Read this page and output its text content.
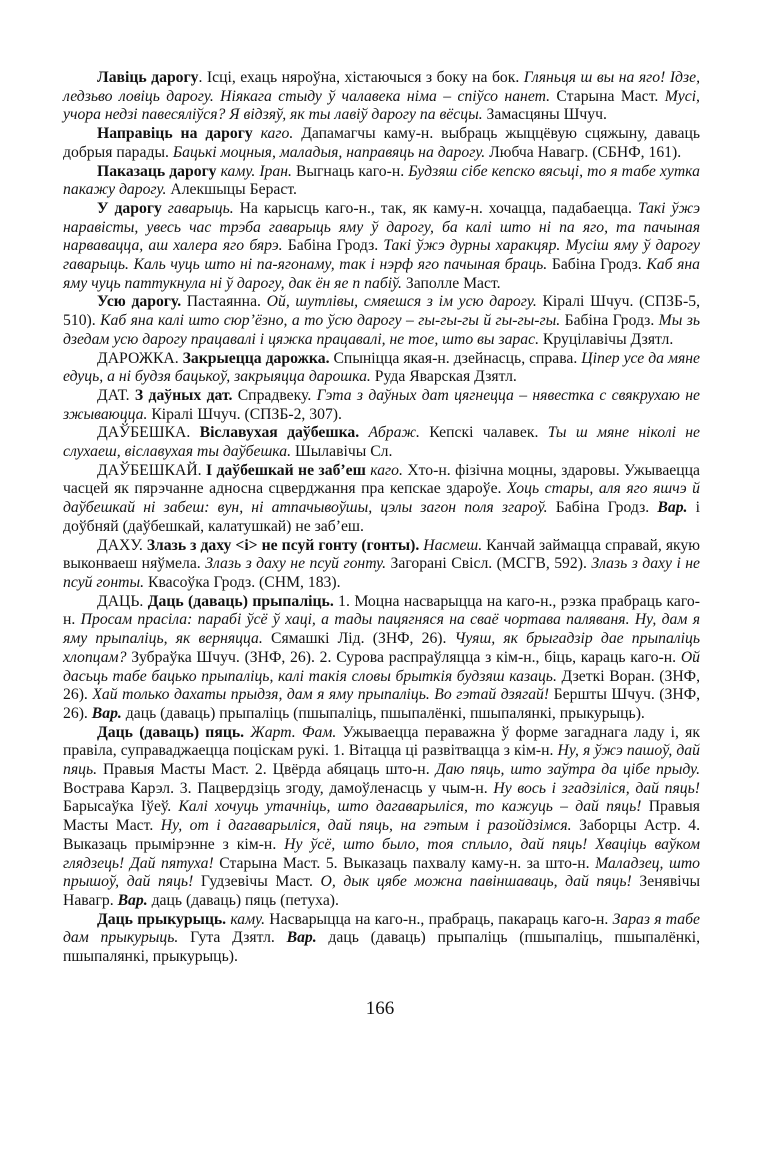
Лавіць дарогу. Ісці, ехаць няроўна, хістаючыся з боку на бок. Гляньця ш вы на яго! Ідзе, ледзьво ловіць дарогу. Ніякага стыду ў чалавека німа – спіўсо нанет. Старына Маст. Мусі, учора недзі павесяліўся? Я відзяў, як ты лавіў дарогу па вёсцы. Замасцяны Шчуч.

Направіць на дарогу каго. Дапамагчы каму-н. выбраць жыццёвую сцяжыну, даваць добрыя парады. Бацькі моцныя, маладыя, направяць на дарогу. Любча Навагр. (СБНФ, 161).

Паказаць дарогу каму. Іран. Выгнаць каго-н. Будзяш сібе кепско вясьці, то я табе хутка пакажу дарогу. Алекшыцы Бераст.

У дарогу гаварыць. На карысць каго-н., так, як каму-н. хочацца, падабаецца. Такі ўжэ наравісты, увесь час трэба гаварыць яму ў дарогу, ба калі што ні па яго, та пачыная нарвавацца, аш халера яго бярэ. Бабіна Гродз. Такі ўжэ дурны харакцяр. Мусіш яму ў дарогу гаварыць. Каль чуць што ні па-ягонаму, так і нэрф яго пачыная браць. Бабіна Гродз. Каб яна яму чуць паттукнула ні ў дарогу, дак ён яе п пабіў. Заполле Маст.

Усю дарогу. Пастаянна. Ой, шутлівы, смяешся з ім усю дарогу. Кіралі Шчуч. (СПЗБ-5, 510). Каб яна калі што сюр’ёзно, а то ўсю дарогу – гы-гы-гы й гы-гы-гы. Бабіна Гродз. Мы зь дзедам усю дарогу працавалі і цяжка працавалі, не тое, што вы зарас. Круцілавічы Дзятл.

ДАРОЖКА. Закрыецца дарожка. Спыніцца якая-н. дзейнасць, справа. Ціпер усе да мяне едуць, а ні будзя бацькоў, закрыяцца дарошка. Руда Яварская Дзятл.

ДАТ. З даўных дат. Спрадвеку. Гэта з даўных дат цягнецца – нявестка с свякрухаю не зжываюцца. Кіралі Шчуч. (СПЗБ-2, 307).

ДАЎБЕШКА. Віславухая даўбешка. Абраж. Кепскі чалавек. Ты ш мяне ніколі не слухаеш, віславухая ты даўбешка. Шылавічы Сл.

ДАЎБЕШКАЙ. І даўбешкай не заб’еш каго. Хто-н. фізічна моцны, здаровы. Ужываецца часцей як пярэчанне адносна сцверджання пра кепскае здароўе. Хоць стары, аля яго яшчэ й даўбешкай ні забеш: вун, ні атпачывоўшы, цэлы загон поля згароў. Бабіна Гродз. Вар. і доўбняй (даўбешкай, калатушкай) не заб’еш.

ДАХУ. Злазь з даху <і> не псуй гонту (гонты). Насмеш. Канчай займацца справай, якую выконваеш няўмела. Злазь з даху не псуй гонту. Загорані Свісл. (МСГВ, 592). Злазь з даху і не псуй гонты. Квасоўка Гродз. (СНМ, 183).

ДАЦЬ. Даць (даваць) прыпаліць. 1. Моцна насварыцца на каго-н., рэзка прабраць каго-н. Просам прасіла: парабі ўсё ў хаці, а тады пацягняся на сваё чортава паляваня. Ну, дам я яму прыпаліць, як верняцца. Сямашкі Лід. (ЗНФ, 26). Чуяш, як брыгадзір дае прыпаліць хлопцам? Зубраўка Шчуч. (ЗНФ, 26). 2. Сурова распраўляцца з кім-н., біць, караць каго-н. Ой дасьць табе бацько прыпаліць, калі такія словы брыткія будзяш казаць. Дзеткі Воран. (ЗНФ, 26). Хай только дахаты прыдзя, дам я яму прыпаліць. Во гэтай дзягай! Бершты Шчуч. (ЗНФ, 26). Вар. даць (даваць) прыпаліць (пшыпаліць, пшыпалёнкі, пшыпалянкі, прыкурыць).

Даць (даваць) пяць. Жарт. Фам. Ужываецца пераважна ў форме загаднага ладу і, як правіла, суправаджаецца поціскам рукі. 1. Вітацца ці развітвацца з кім-н. Ну, я ўжэ пашоў, дай пяць. Правыя Масты Маст. 2. Цвёрда абяцаць што-н. Даю пяць, што заўтра да цібе прыду. Вострава Карэл. 3. Пацвердзіць згоду, дамоўленасць у чым-н. Ну вось і згадзіліся, дай пяць! Барысаўка Іўеў. Калі хочуць утачніць, што дагаварыліся, то кажуць – дай пяць! Правыя Масты Маст. Ну, от і дагаварыліся, дай пяць, на гэтым і разойдзімся. Заборцы Астр. 4. Выказаць прымірэнне з кім-н. Ну ўсё, што было, тоя сплыло, дай пяць! Хваціць ваўком глядзець! Дай пятуха! Старына Маст. 5. Выказаць пахвалу каму-н. за што-н. Маладзец, што прышоў, дай пяць! Гудзевічы Маст. О, дык цябе можна павіншаваць, дай пяць! Зенявічы Навагр. Вар. даць (даваць) пяць (петуха).

Даць прыкурыць. каму. Насварыцца на каго-н., прабраць, пакараць каго-н. Зараз я табе дам прыкурыць. Гута Дзятл. Вар. даць (даваць) прыпаліць (пшыпаліць, пшыпалёнкі, пшыпалянкі, прыкурыць).

166
